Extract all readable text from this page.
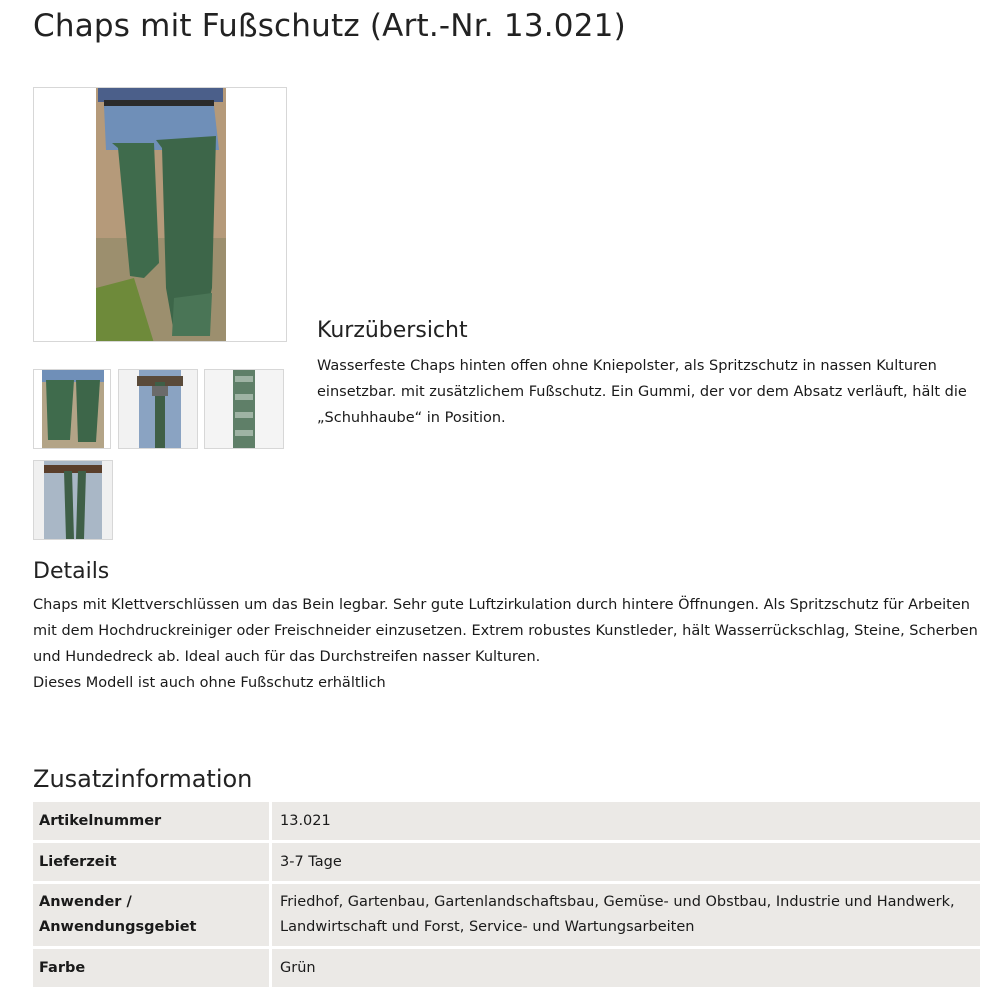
Chaps mit Fußschutz (Art.-Nr. 13.021)
Kurzübersicht

Wasserfeste Chaps hinten offen ohne Kniepolster, als Spritzschutz in nassen Kulturen einsetzbar. mit zusätzlichem Fußschutz. Ein Gummi, der vor dem Absatz verläuft, hält die „Schuhhaube“ in Position.

Details
Chaps mit Klettverschlüssen um das Bein legbar. Sehr gute Luftzirkulation durch hintere Öffnungen. Als Spritzschutz für Arbeiten mit dem Hochdruckreiniger oder Freischneider einzusetzen. Extrem robustes Kunstleder, hält Wasserrückschlag, Steine, Scherben und Hundedreck ab. Ideal auch für das Durchstreifen nasser Kulturen.
Dieses Modell ist auch ohne Fußschutz erhältlich
Zusatzinformation
Artikelnummer	13.021
Lieferzeit	3-7 Tage

Anwender /
Anwendungsgebiet	Friedhof, Gartenbau, Gartenlandschaftsbau, Gemüse- und Obstbau, Industrie und Handwerk, Landwirtschaft und Forst, Service- und Wartungsarbeiten
Farbe	Grün
